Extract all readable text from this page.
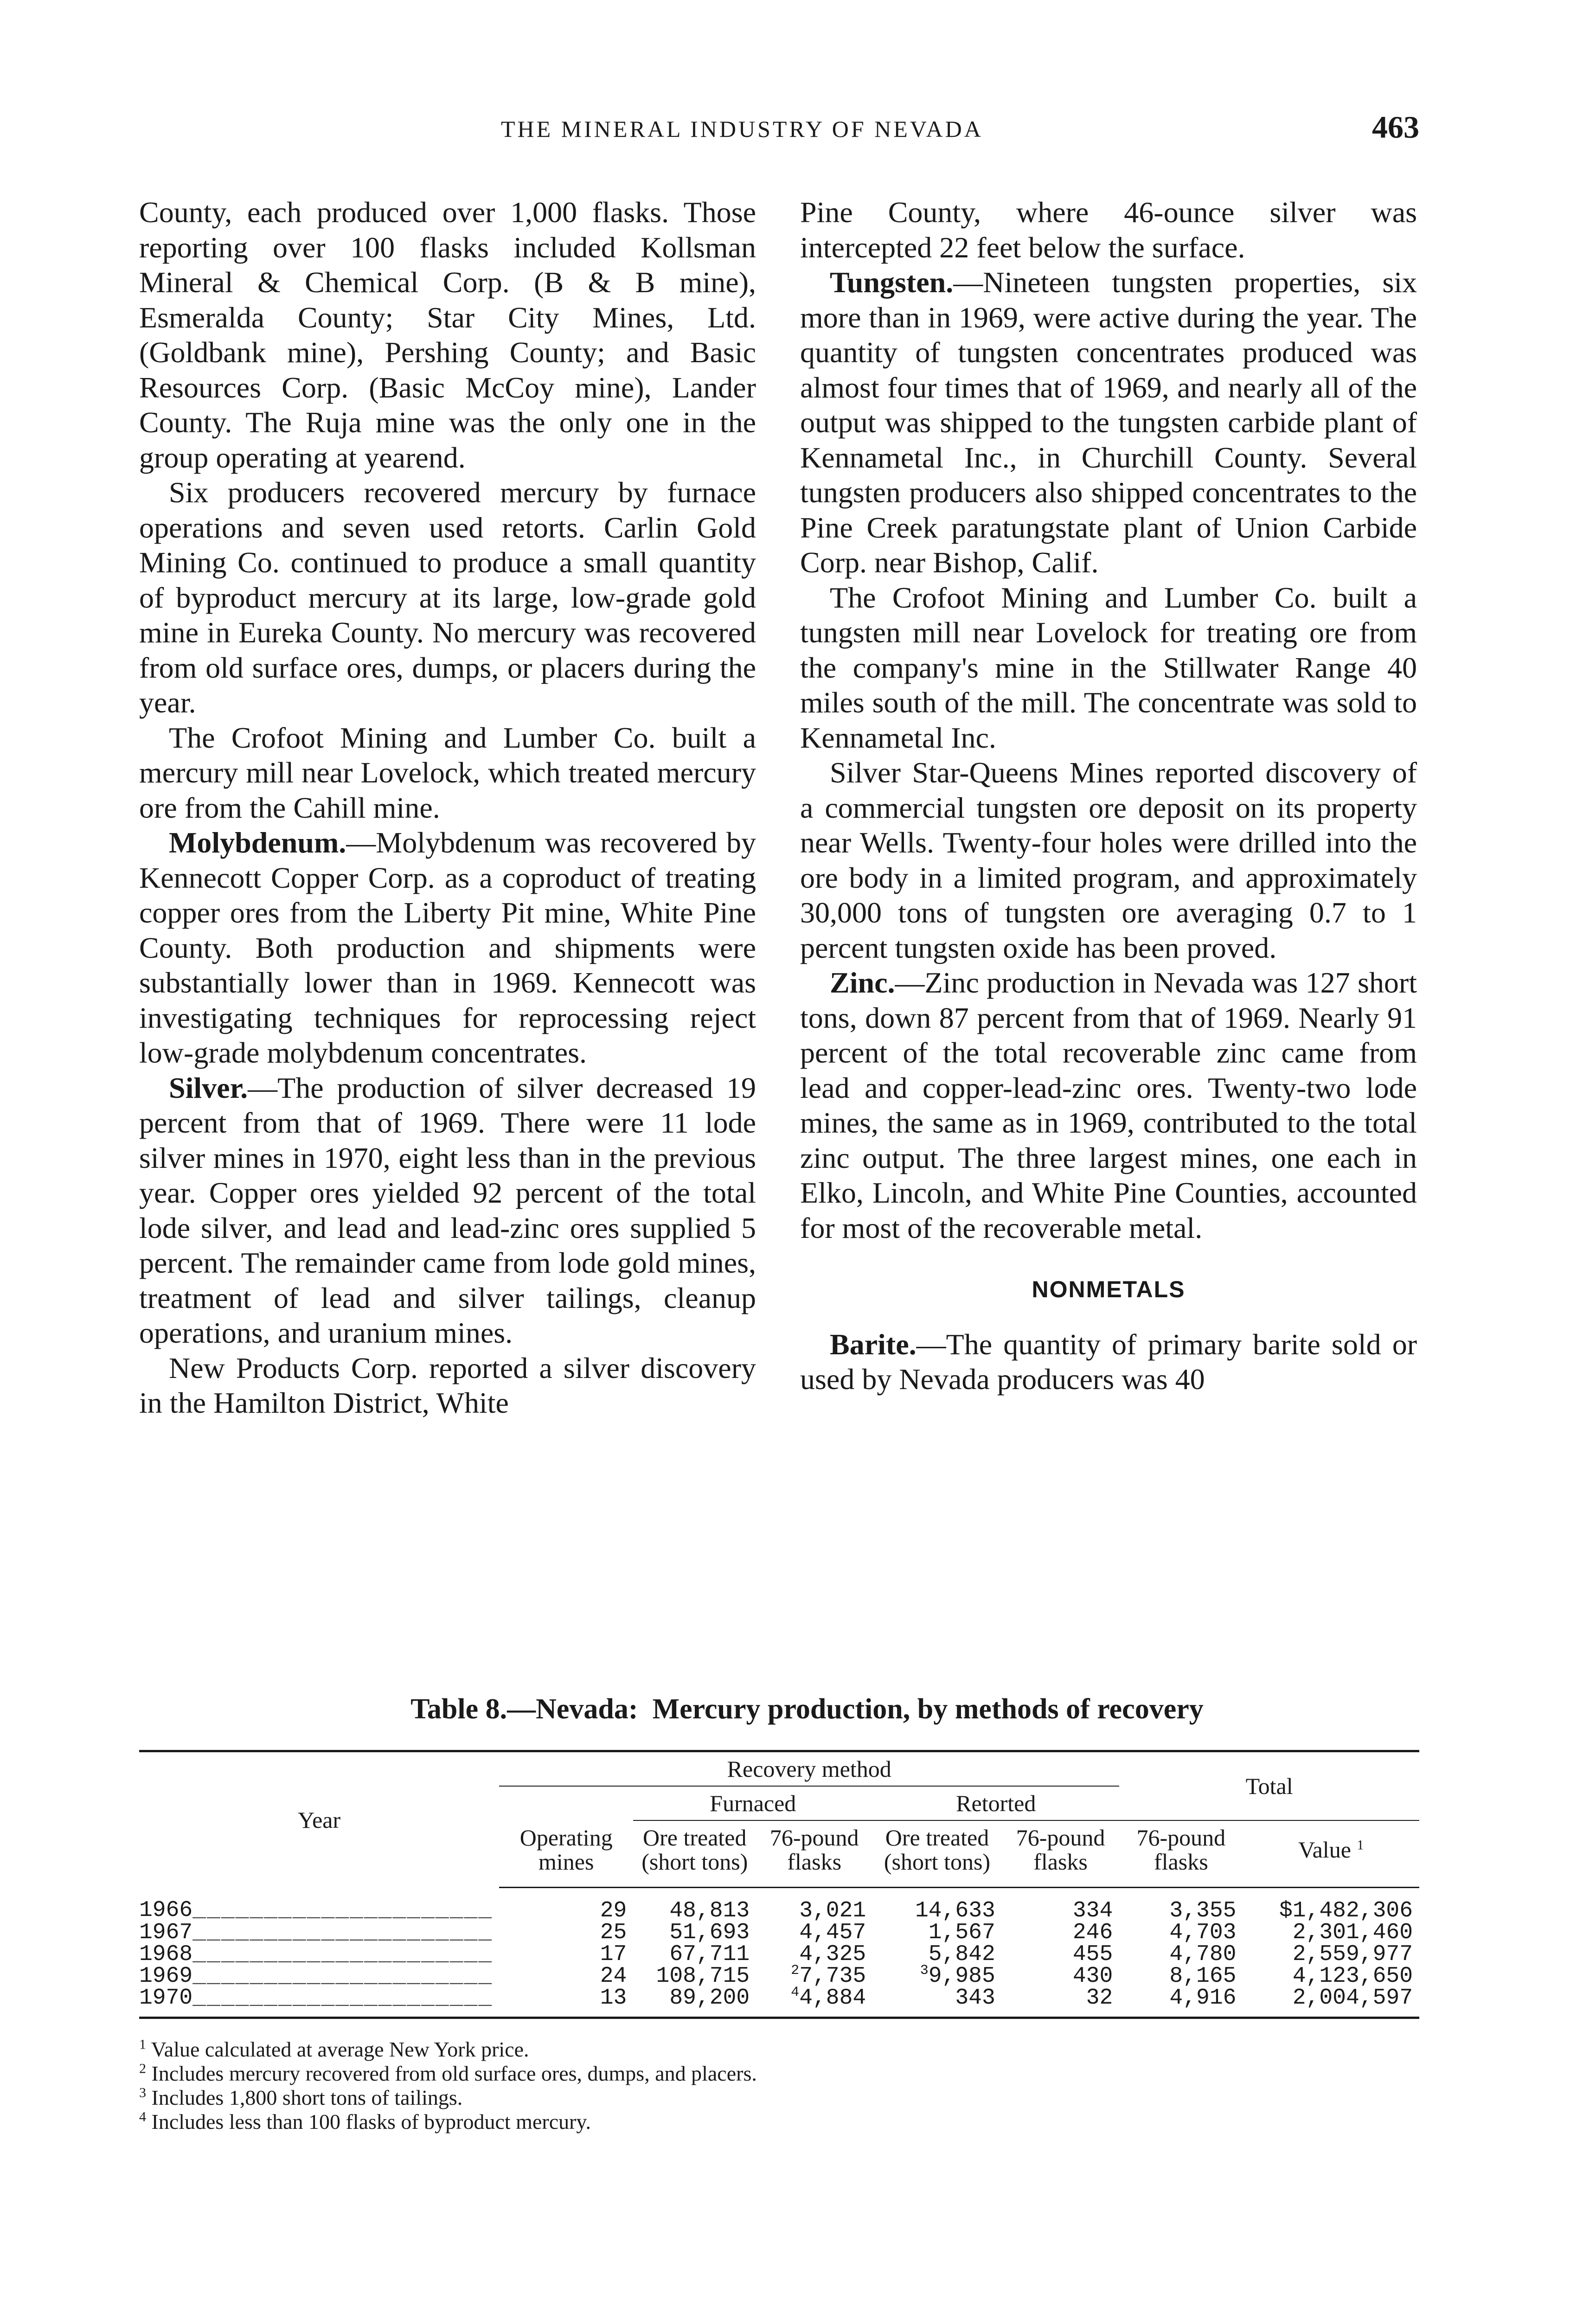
THE MINERAL INDUSTRY OF NEVADA	463

County, each produced over 1,000 flasks. Those reporting over 100 flasks included Kollsman Mineral & Chemical Corp. (B & B mine), Esmeralda County; Star City Mines, Ltd. (Goldbank mine), Pershing County; and Basic Resources Corp. (Basic McCoy mine), Lander County. The Ruja mine was the only one in the group operating at yearend.

Six producers recovered mercury by furnace operations and seven used retorts. Carlin Gold Mining Co. continued to produce a small quantity of byproduct mercury at its large, low-grade gold mine in Eureka County. No mercury was recovered from old surface ores, dumps, or placers during the year.

The Crofoot Mining and Lumber Co. built a mercury mill near Lovelock, which treated mercury ore from the Cahill mine.

Molybdenum.—Molybdenum was recovered by Kennecott Copper Corp. as a coproduct of treating copper ores from the Liberty Pit mine, White Pine County. Both production and shipments were substantially lower than in 1969. Kennecott was investigating techniques for reprocessing reject low-grade molybdenum concentrates.

Silver.—The production of silver decreased 19 percent from that of 1969. There were 11 lode silver mines in 1970, eight less than in the previous year. Copper ores yielded 92 percent of the total lode silver, and lead and lead-zinc ores supplied 5 percent. The remainder came from lode gold mines, treatment of lead and silver tailings, cleanup operations, and uranium mines.

New Products Corp. reported a silver discovery in the Hamilton District, White

Pine County, where 46-ounce silver was intercepted 22 feet below the surface.

Tungsten.—Nineteen tungsten properties, six more than in 1969, were active during the year. The quantity of tungsten concentrates produced was almost four times that of 1969, and nearly all of the output was shipped to the tungsten carbide plant of Kennametal Inc., in Churchill County. Several tungsten producers also shipped concentrates to the Pine Creek paratungstate plant of Union Carbide Corp. near Bishop, Calif.

The Crofoot Mining and Lumber Co. built a tungsten mill near Lovelock for treating ore from the company's mine in the Stillwater Range 40 miles south of the mill. The concentrate was sold to Kennametal Inc.

Silver Star-Queens Mines reported discovery of a commercial tungsten ore deposit on its property near Wells. Twenty-four holes were drilled into the ore body in a limited program, and approximately 30,000 tons of tungsten ore averaging 0.7 to 1 percent tungsten oxide has been proved.

Zinc.—Zinc production in Nevada was 127 short tons, down 87 percent from that of 1969. Nearly 91 percent of the total recoverable zinc came from lead and copper-lead-zinc ores. Twenty-two lode mines, the same as in 1969, contributed to the total zinc output. The three largest mines, one each in Elko, Lincoln, and White Pine Counties, accounted for most of the recoverable metal.

NONMETALS

Barite.—The quantity of primary barite sold or used by Nevada producers was 40

Table 8.—Nevada: Mercury production, by methods of recovery
Year	Recovery method					Total	
		Furnaced		Retorted			
	Operating mines	Ore treated (short tons)	76-pound flasks	Ore treated (short tons)	76-pound flasks	76-pound flasks	Value $^1$
1966_____________________	29	48,813	3,021	14,633	334	3,355	$1,482,306
1967_____________________	25	51,693	4,457	1,567	246	4,703	2,301,460
1968_____________________	17	67,711	4,325	5,842	455	4,780	2,559,977
1969_____________________	24	108,715	$^2$7,735	$^3$9,985	430	8,165	4,123,650
1970_____________________	13	89,200	$^4$4,884	343	32	4,916	2,004,597
$^1$ Value calculated at average New York price.
$^2$ Includes mercury recovered from old surface ores, dumps, and placers.
$^3$ Includes 1,800 short tons of tailings.
$^4$ Includes less than 100 flasks of byproduct mercury.
